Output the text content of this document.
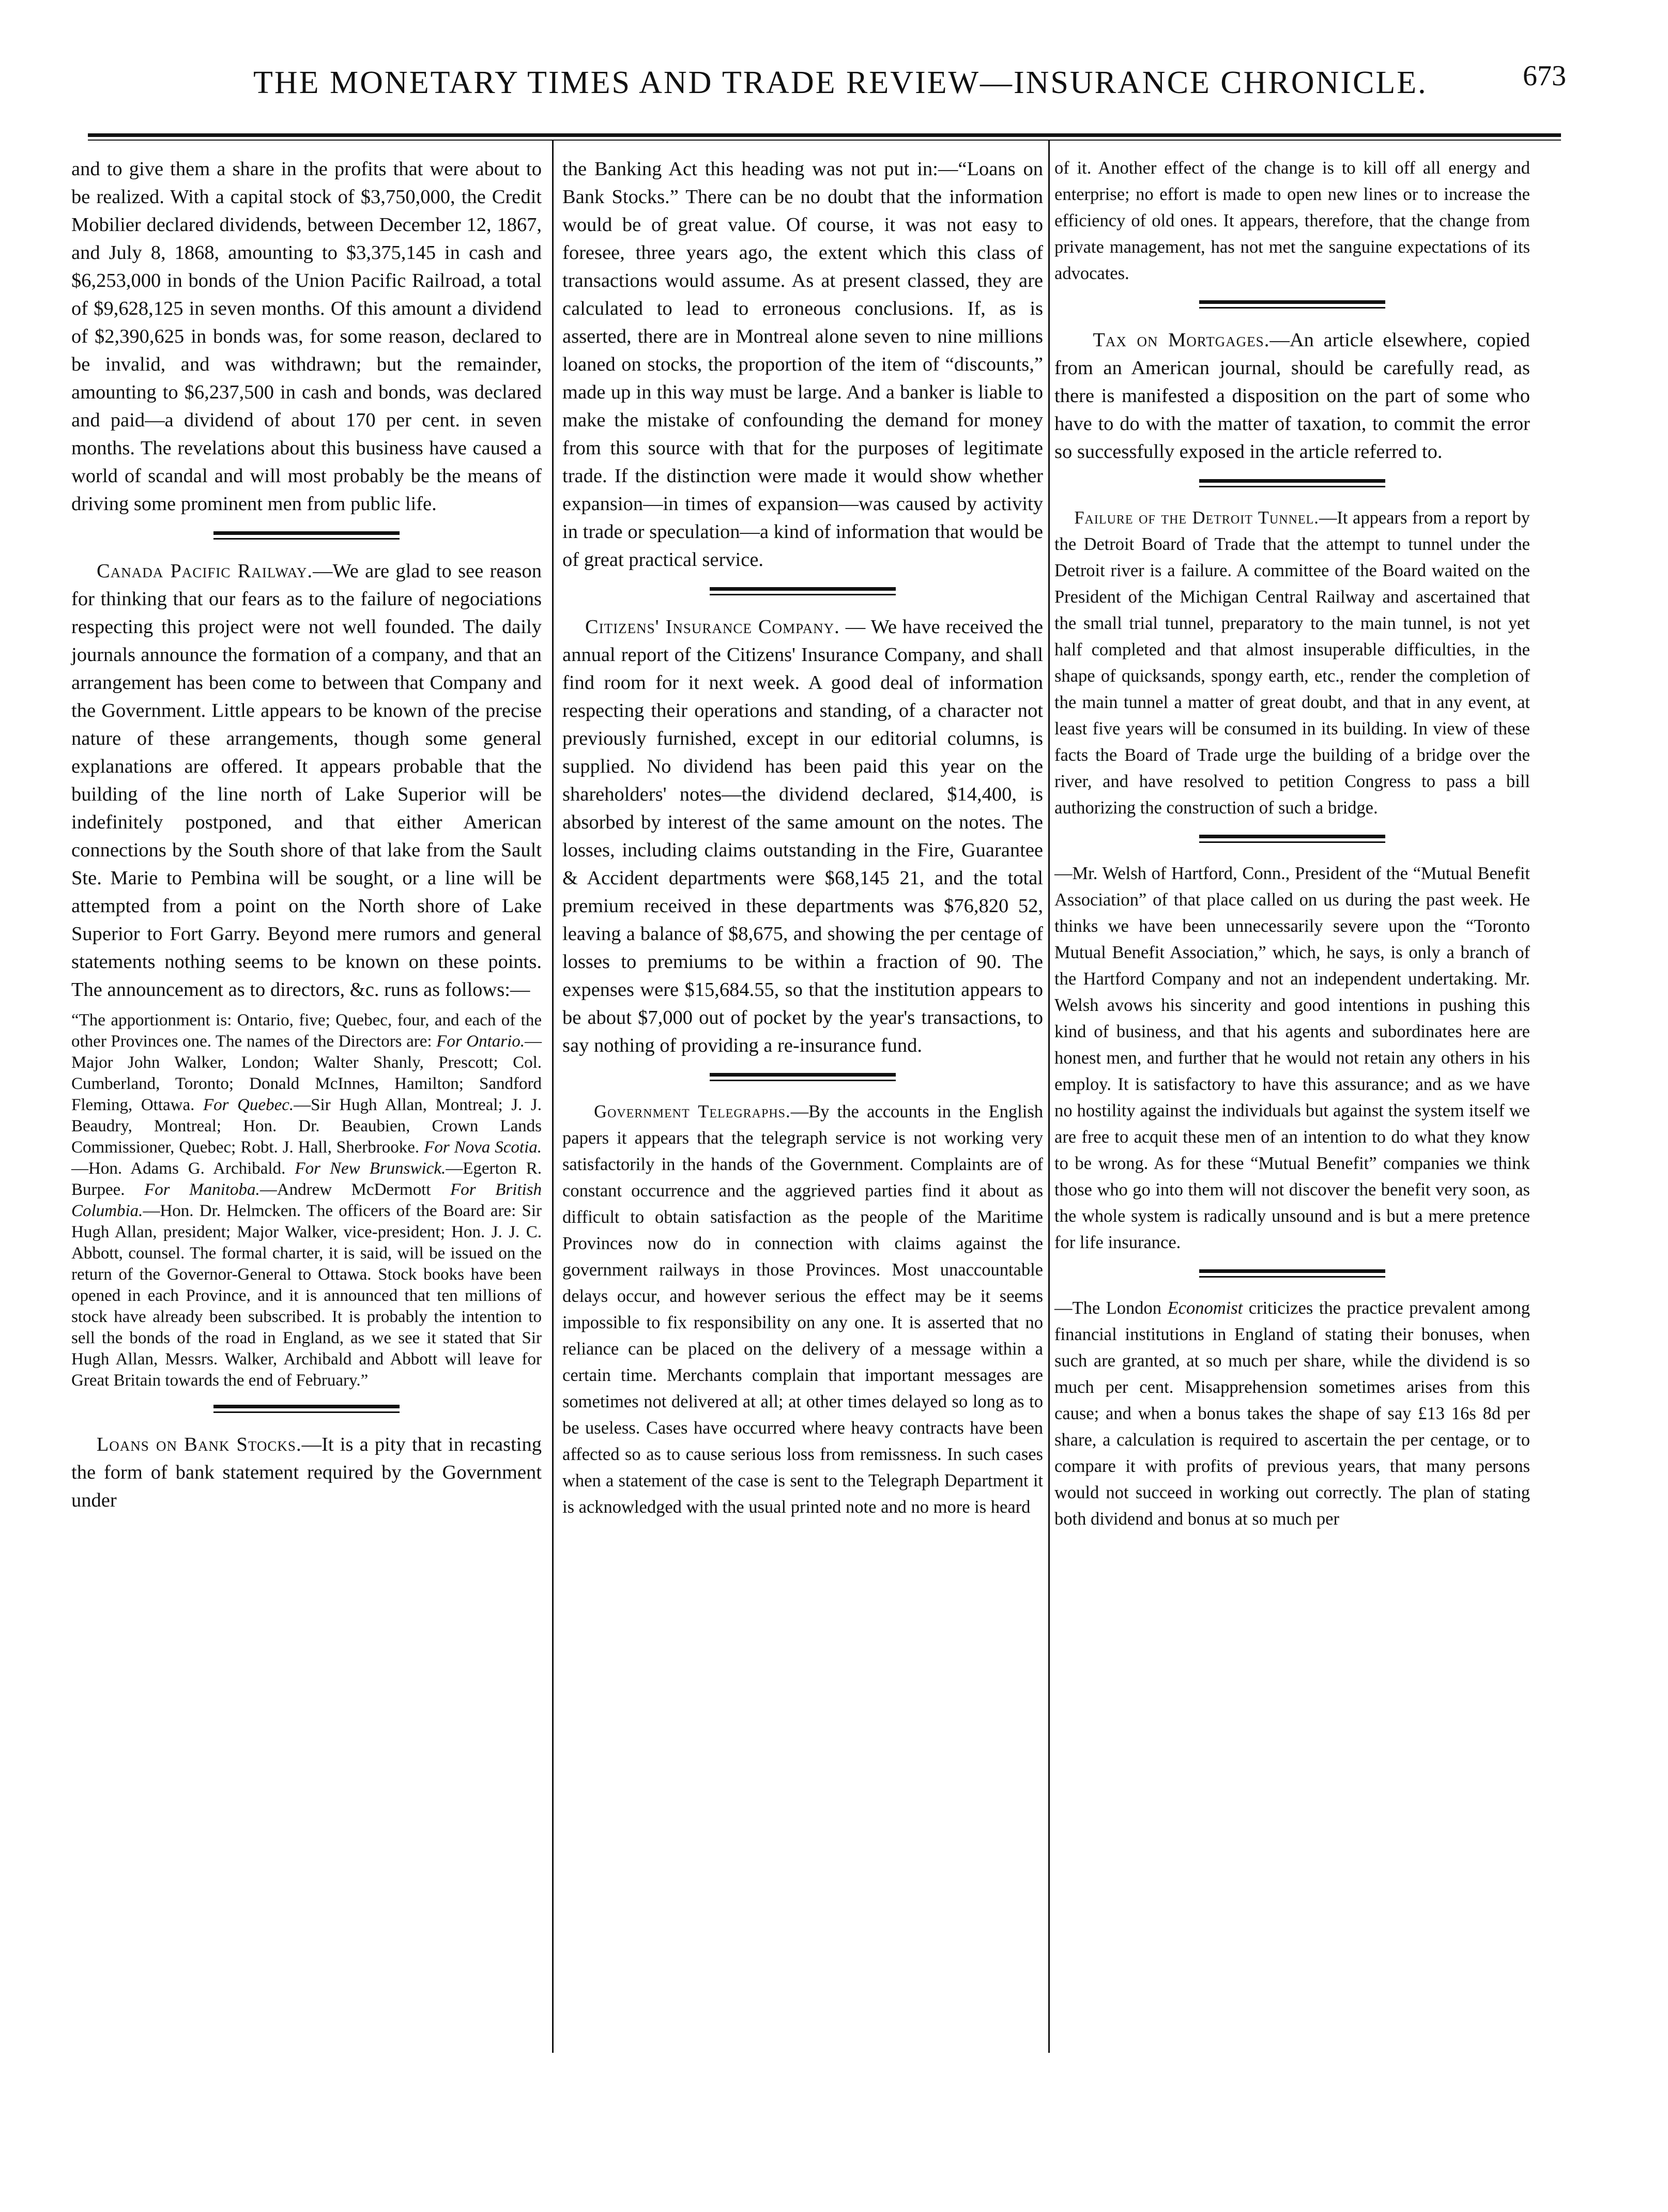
THE MONETARY TIMES AND TRADE REVIEW—INSURANCE CHRONICLE.	673

and to give them a share in the profits that were about to be realized. With a capital stock of $3,750,000, the Credit Mobilier declared dividends, between December 12, 1867, and July 8, 1868, amounting to $3,375,145 in cash and $6,253,000 in bonds of the Union Pacific Railroad, a total of $9,628,125 in seven months. Of this amount a dividend of $2,390,625 in bonds was, for some reason, declared to be invalid, and was withdrawn; but the remainder, amounting to $6,237,500 in cash and bonds, was declared and paid—a dividend of about 170 per cent. in seven months. The revelations about this business have caused a world of scandal and will most probably be the means of driving some prominent men from public life.

Canada Pacific Railway.—We are glad to see reason for thinking that our fears as to the failure of negociations respecting this project were not well founded. The daily journals announce the formation of a company, and that an arrangement has been come to between that Company and the Government. Little appears to be known of the precise nature of these arrangements, though some general explanations are offered. It appears probable that the building of the line north of Lake Superior will be indefinitely postponed, and that either American connections by the South shore of that lake from the Sault Ste. Marie to Pembina will be sought, or a line will be attempted from a point on the North shore of Lake Superior to Fort Garry. Beyond mere rumors and general statements nothing seems to be known on these points. The announcement as to directors, &c. runs as follows:—

“The apportionment is: Ontario, five; Quebec, four, and each of the other Provinces one. The names of the Directors are: For Ontario.—Major John Walker, London; Walter Shanly, Prescott; Col. Cumberland, Toronto; Donald McInnes, Hamilton; Sandford Fleming, Ottawa. For Quebec.—Sir Hugh Allan, Montreal; J. J. Beaudry, Montreal; Hon. Dr. Beaubien, Crown Lands Commissioner, Quebec; Robt. J. Hall, Sherbrooke. For Nova Scotia.—Hon. Adams G. Archibald. For New Brunswick.—Egerton R. Burpee. For Manitoba.—Andrew McDermott For British Columbia.—Hon. Dr. Helmcken. The officers of the Board are: Sir Hugh Allan, president; Major Walker, vice-president; Hon. J. J. C. Abbott, counsel. The formal charter, it is said, will be issued on the return of the Governor-General to Ottawa. Stock books have been opened in each Province, and it is announced that ten millions of stock have already been subscribed. It is probably the intention to sell the bonds of the road in England, as we see it stated that Sir Hugh Allan, Messrs. Walker, Archibald and Abbott will leave for Great Britain towards the end of February.”

Loans on Bank Stocks.—It is a pity that in recasting the form of bank statement required by the Government under

the Banking Act this heading was not put in:—“Loans on Bank Stocks.” There can be no doubt that the information would be of great value. Of course, it was not easy to foresee, three years ago, the extent which this class of transactions would assume. As at present classed, they are calculated to lead to erroneous conclusions. If, as is asserted, there are in Montreal alone seven to nine millions loaned on stocks, the proportion of the item of “discounts,” made up in this way must be large. And a banker is liable to make the mistake of confounding the demand for money from this source with that for the purposes of legitimate trade. If the distinction were made it would show whether expansion—in times of expansion—was caused by activity in trade or speculation—a kind of information that would be of great practical service.

Citizens' Insurance Company. — We have received the annual report of the Citizens' Insurance Company, and shall find room for it next week. A good deal of information respecting their operations and standing, of a character not previously furnished, except in our editorial columns, is supplied. No dividend has been paid this year on the shareholders' notes—the dividend declared, $14,400, is absorbed by interest of the same amount on the notes. The losses, including claims outstanding in the Fire, Guarantee & Accident departments were $68,145 21, and the total premium received in these departments was $76,820 52, leaving a balance of $8,675, and showing the per centage of losses to premiums to be within a fraction of 90. The expenses were $15,684.55, so that the institution appears to be about $7,000 out of pocket by the year's transactions, to say nothing of providing a re-insurance fund.

Government Telegraphs.—By the accounts in the English papers it appears that the telegraph service is not working very satisfactorily in the hands of the Government. Complaints are of constant occurrence and the aggrieved parties find it about as difficult to obtain satisfaction as the people of the Maritime Provinces now do in connection with claims against the government railways in those Provinces. Most unaccountable delays occur, and however serious the effect may be it seems impossible to fix responsibility on any one. It is asserted that no reliance can be placed on the delivery of a message within a certain time. Merchants complain that important messages are sometimes not delivered at all; at other times delayed so long as to be useless. Cases have occurred where heavy contracts have been affected so as to cause serious loss from remissness. In such cases when a statement of the case is sent to the Telegraph Department it is acknowledged with the usual printed note and no more is heard

of it. Another effect of the change is to kill off all energy and enterprise; no effort is made to open new lines or to increase the efficiency of old ones. It appears, therefore, that the change from private management, has not met the sanguine expectations of its advocates.

Tax on Mortgages.—An article elsewhere, copied from an American journal, should be carefully read, as there is manifested a disposition on the part of some who have to do with the matter of taxation, to commit the error so successfully exposed in the article referred to.

Failure of the Detroit Tunnel.—It appears from a report by the Detroit Board of Trade that the attempt to tunnel under the Detroit river is a failure. A committee of the Board waited on the President of the Michigan Central Railway and ascertained that the small trial tunnel, preparatory to the main tunnel, is not yet half completed and that almost insuperable difficulties, in the shape of quicksands, spongy earth, etc., render the completion of the main tunnel a matter of great doubt, and that in any event, at least five years will be consumed in its building. In view of these facts the Board of Trade urge the building of a bridge over the river, and have resolved to petition Congress to pass a bill authorizing the construction of such a bridge.

—Mr. Welsh of Hartford, Conn., President of the “Mutual Benefit Association” of that place called on us during the past week. He thinks we have been unnecessarily severe upon the “Toronto Mutual Benefit Association,” which, he says, is only a branch of the Hartford Company and not an independent undertaking. Mr. Welsh avows his sincerity and good intentions in pushing this kind of business, and that his agents and subordinates here are honest men, and further that he would not retain any others in his employ. It is satisfactory to have this assurance; and as we have no hostility against the individuals but against the system itself we are free to acquit these men of an intention to do what they know to be wrong. As for these “Mutual Benefit” companies we think those who go into them will not discover the benefit very soon, as the whole system is radically unsound and is but a mere pretence for life insurance.

—The London Economist criticizes the practice prevalent among financial institutions in England of stating their bonuses, when such are granted, at so much per share, while the dividend is so much per cent. Misapprehension sometimes arises from this cause; and when a bonus takes the shape of say £13 16s 8d per share, a calculation is required to ascertain the per centage, or to compare it with profits of previous years, that many persons would not succeed in working out correctly. The plan of stating both dividend and bonus at so much per
